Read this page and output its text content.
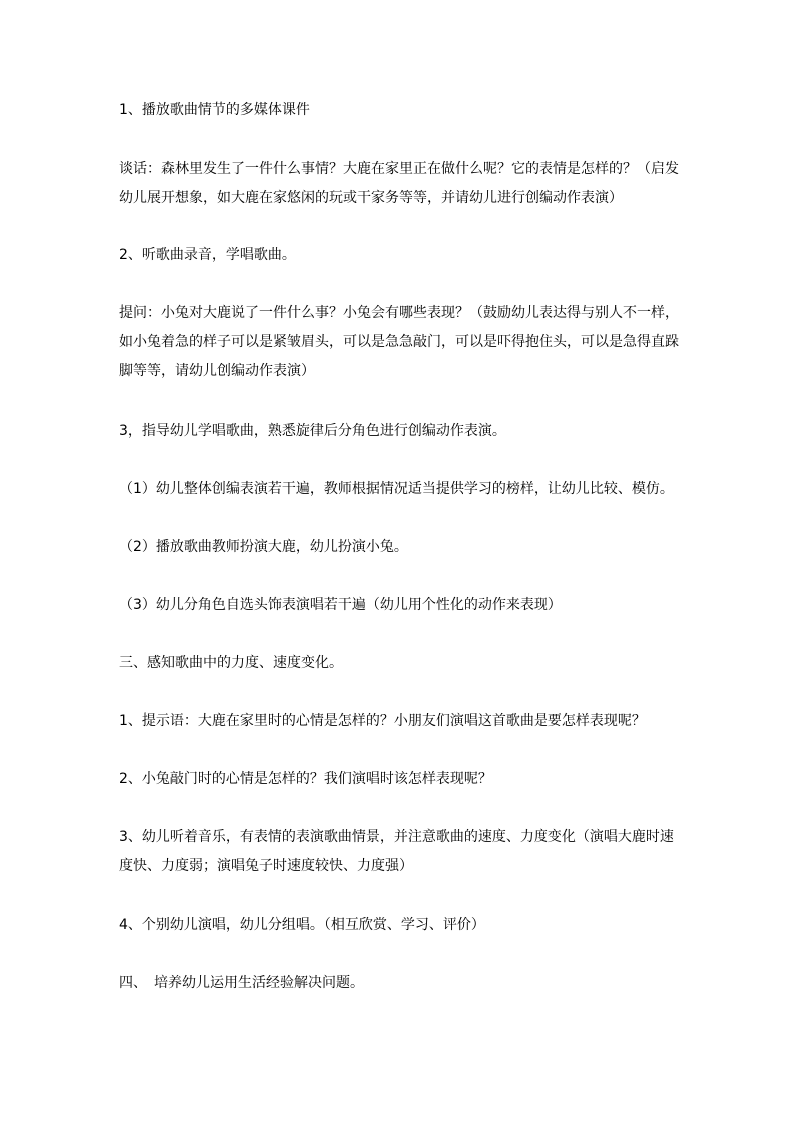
1、播放歌曲情节的多媒体课件

谈话：森林里发生了一件什么事情？大鹿在家里正在做什么呢？它的表情是怎样的？（启发幼儿展开想象，如大鹿在家悠闲的玩或干家务等等，并请幼儿进行创编动作表演）

2、听歌曲录音，学唱歌曲。

提问：小兔对大鹿说了一件什么事？小兔会有哪些表现？（鼓励幼儿表达得与别人不一样，如小兔着急的样子可以是紧皱眉头，可以是急急敲门，可以是吓得抱住头，可以是急得直跺脚等等，请幼儿创编动作表演）

3，指导幼儿学唱歌曲，熟悉旋律后分角色进行创编动作表演。

（1）幼儿整体创编表演若干遍，教师根据情况适当提供学习的榜样，让幼儿比较、模仿。

（2）播放歌曲教师扮演大鹿，幼儿扮演小兔。

（3）幼儿分角色自选头饰表演唱若干遍（幼儿用个性化的动作来表现）

三、感知歌曲中的力度、速度变化。

1、提示语：大鹿在家里时的心情是怎样的？小朋友们演唱这首歌曲是要怎样表现呢？

2、小兔敲门时的心情是怎样的？我们演唱时该怎样表现呢？

3、幼儿听着音乐，有表情的表演歌曲情景，并注意歌曲的速度、力度变化（演唱大鹿时速度快、力度弱；演唱兔子时速度较快、力度强）

4、个别幼儿演唱，幼儿分组唱。（相互欣赏、学习、评价）

四、　培养幼儿运用生活经验解决问题。
